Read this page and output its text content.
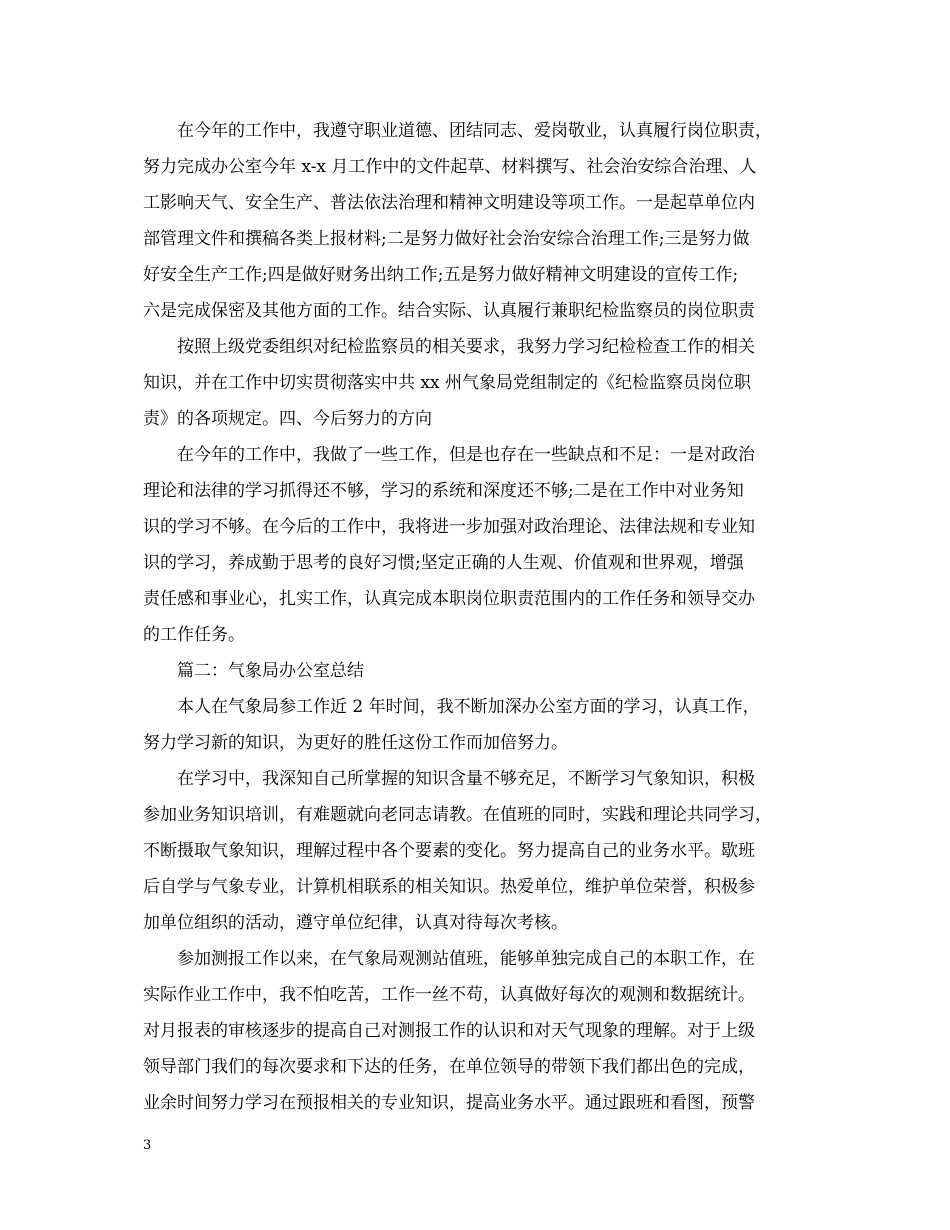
在今年的工作中，我遵守职业道德、团结同志、爱岗敬业，认真履行岗位职责，
努力完成办公室今年 x-x 月工作中的文件起草、材料撰写、社会治安综合治理、人
工影响天气、安全生产、普法依法治理和精神文明建设等项工作。一是起草单位内
部管理文件和撰稿各类上报材料;二是努力做好社会治安综合治理工作;三是努力做
好安全生产工作;四是做好财务出纳工作;五是努力做好精神文明建设的宣传工作;
六是完成保密及其他方面的工作。结合实际、认真履行兼职纪检监察员的岗位职责
按照上级党委组织对纪检监察员的相关要求，我努力学习纪检检查工作的相关
知识，并在工作中切实贯彻落实中共 xx 州气象局党组制定的《纪检监察员岗位职
责》的各项规定。四、今后努力的方向
在今年的工作中，我做了一些工作，但是也存在一些缺点和不足：一是对政治
理论和法律的学习抓得还不够，学习的系统和深度还不够;二是在工作中对业务知
识的学习不够。在今后的工作中，我将进一步加强对政治理论、法律法规和专业知
识的学习，养成勤于思考的良好习惯;坚定正确的人生观、价值观和世界观，增强
责任感和事业心，扎实工作，认真完成本职岗位职责范围内的工作任务和领导交办
的工作任务。
篇二：气象局办公室总结
本人在气象局参工作近 2 年时间，我不断加深办公室方面的学习，认真工作，
努力学习新的知识，为更好的胜任这份工作而加倍努力。
在学习中，我深知自己所掌握的知识含量不够充足，不断学习气象知识，积极
参加业务知识培训，有难题就向老同志请教。在值班的同时，实践和理论共同学习，
不断摄取气象知识，理解过程中各个要素的变化。努力提高自己的业务水平。歇班
后自学与气象专业，计算机相联系的相关知识。热爱单位，维护单位荣誉，积极参
加单位组织的活动，遵守单位纪律，认真对待每次考核。
参加测报工作以来，在气象局观测站值班，能够单独完成自己的本职工作，在
实际作业工作中，我不怕吃苦，工作一丝不苟，认真做好每次的观测和数据统计。
对月报表的审核逐步的提高自己对测报工作的认识和对天气现象的理解。对于上级
领导部门我们的每次要求和下达的任务，在单位领导的带领下我们都出色的完成，
业余时间努力学习在预报相关的专业知识，提高业务水平。通过跟班和看图，预警
3
